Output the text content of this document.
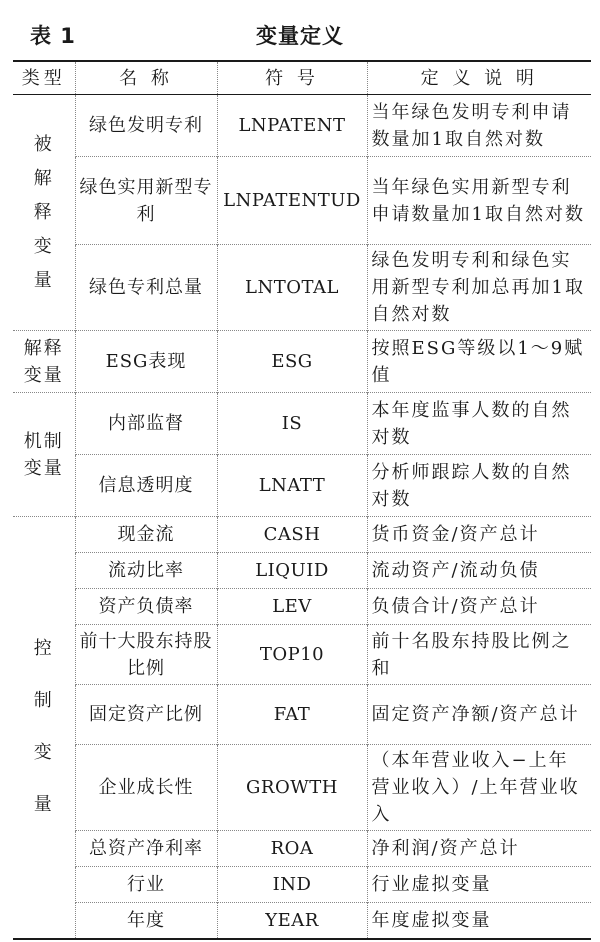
表 1	变量定义
类型	名 称	符 号	定 义 说 明
被解释变量	绿色发明专利	LNPATENT	当年绿色发明专利申请数量加1取自然对数
	绿色实用新型专利	LNPATENTUD	当年绿色实用新型专利申请数量加1取自然对数
	绿色专利总量	LNTOTAL	绿色发明专利和绿色实用新型专利加总再加1取自然对数
解释变量	ESG表现	ESG	按照ESG等级以1～9赋值
机制变量	内部监督	IS	本年度监事人数的自然对数
	信息透明度	LNATT	分析师跟踪人数的自然对数
控制变量	现金流	CASH	货币资金/资产总计
	流动比率	LIQUID	流动资产/流动负债
	资产负债率	LEV	负债合计/资产总计
	前十大股东持股比例	TOP10	前十名股东持股比例之和
	固定资产比例	FAT	固定资产净额/资产总计
	企业成长性	GROWTH	（本年营业收入−上年营业收入）/上年营业收入
	总资产净利率	ROA	净利润/资产总计
	行业	IND	行业虚拟变量
	年度	YEAR	年度虚拟变量
